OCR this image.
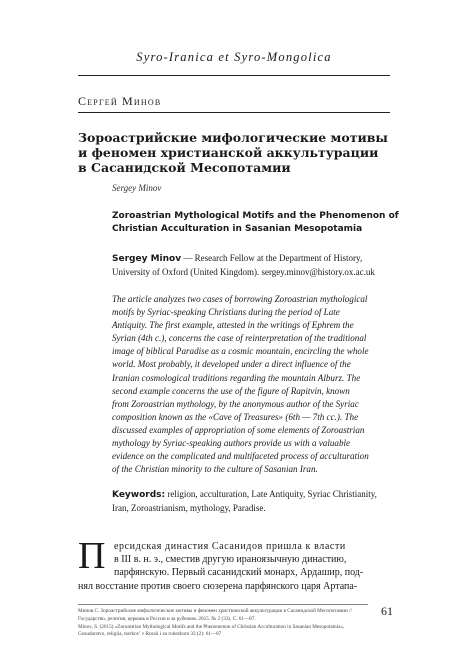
Syro-Iranica et Syro-Mongolica
Сергей Минов
Зороастрийские мифологические мотивы
и феномен христианской аккультурации
в Сасанидской Месопотамии
Sergey Minov
Zoroastrian Mythological Motifs and the Phenomenon of
Christian Acculturation in Sasanian Mesopotamia
Sergey Minov — Research Fellow at the Department of History,
University of Oxford (United Kingdom). sergey.minov@history.ox.ac.uk
The article analyzes two cases of borrowing Zoroastrian mythological
motifs by Syriac-speaking Christians during the period of Late
Antiquity. The first example, attested in the writings of Ephrem the
Syrian (4th c.), concerns the case of reinterpretation of the traditional
image of biblical Paradise as a cosmic mountain, encircling the whole
world. Most probably, it developed under a direct influence of the
Iranian cosmological traditions regarding the mountain Alburz. The
second example concerns the use of the figure of Rapitvin, known
from Zoroastrian mythology, by the anonymous author of the Syriac
composition known as the «Cave of Treasures» (6th — 7th cc.). The
discussed examples of appropriation of some elements of Zoroastrian
mythology by Syriac-speaking authors provide us with a valuable
evidence on the complicated and multifaceted process of acculturation
of the Christian minority to the culture of Sasanian Iran.
Keywords: religion, acculturation, Late Antiquity, Syriac Christianity,
Iran, Zoroastrianism, mythology, Paradise.
П ерсидская династия Сасанидов пришла к власти
в III в. н. э., сместив другую ираноязычную династию,
парфянскую. Первый сасанидский монарх, Ардашир, под-
нял восстание против своего сюзерена парфянского царя Артапа-
Минов С. Зороастрийские мифологические мотивы и феномен христианской аккультурации в Сасанидской Месопотамии //
Государство, религия, церковь в России и за рубежом. 2015. № 2 (33). С. 61—87.
Minov, S. (2015) «Zoroastrian Mythological Motifs and the Phenomenon of Christian Acculturation in Sasanian Mesopotamia»,
Gosudarstvo, religiia, tserkov' v Rossii i za rubezhom 33 (2): 61—87
61
